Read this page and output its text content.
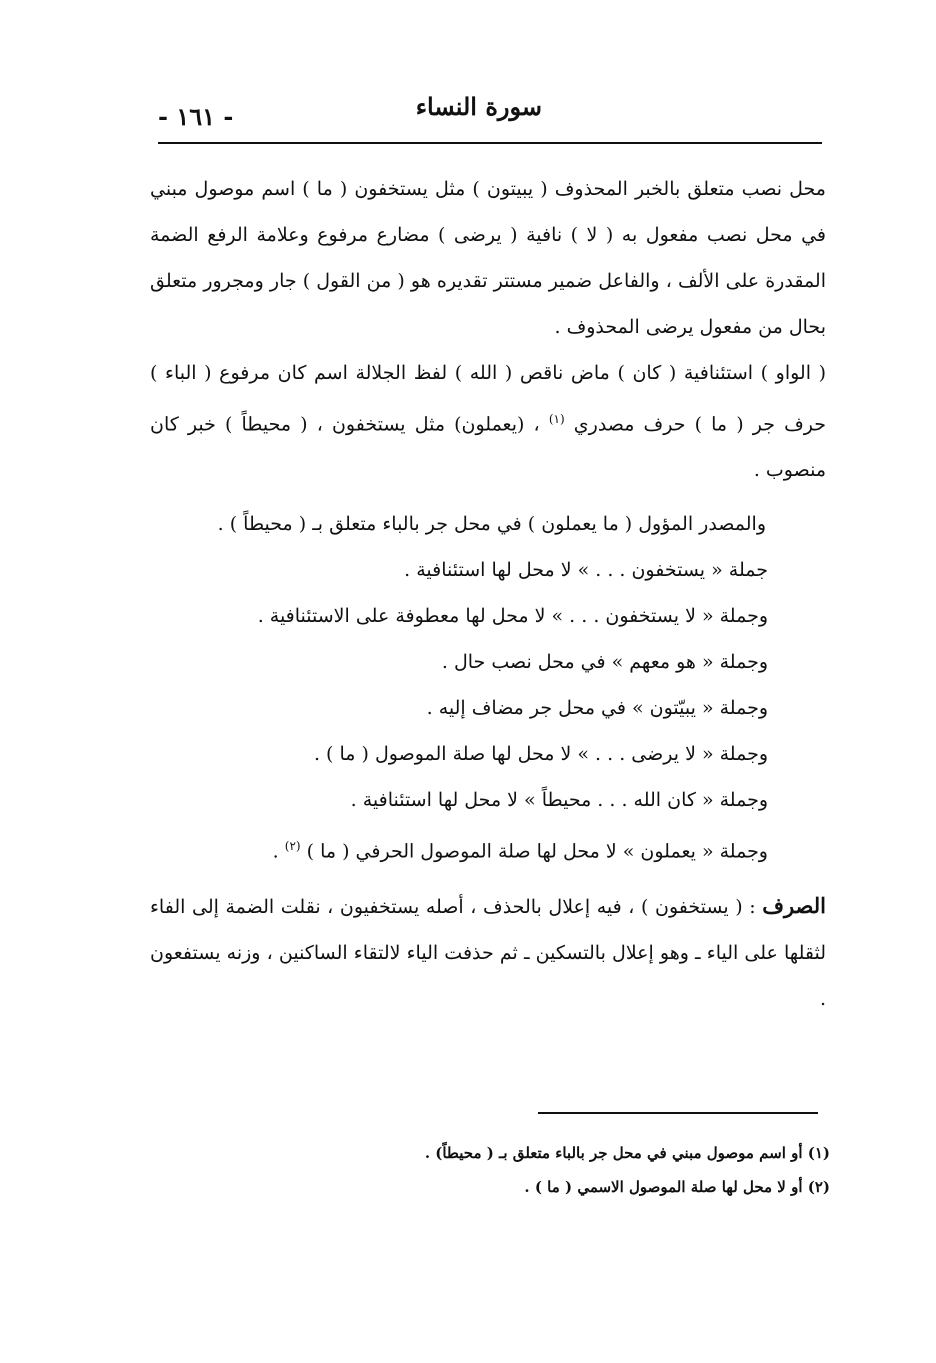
سورة النساء
- ١٦١ -

محل نصب متعلق بالخبر المحذوف ( يبيتون ) مثل يستخفون ( ما ) اسم موصول مبني في محل نصب مفعول به ( لا ) نافية ( يرضى ) مضارع مرفوع وعلامة الرفع الضمة المقدرة على الألف ، والفاعل ضمير مستتر تقديره هو ( من القول ) جار ومجرور متعلق بحال من مفعول يرضى المحذوف .

( الواو ) استئنافية ( كان ) ماض ناقص ( الله ) لفظ الجلالة اسم كان مرفوع ( الباء ) حرف جر ( ما ) حرف مصدري $^{(١)}$ ، (يعملون) مثل يستخفون ، ( محيطاً ) خبر كان منصوب .

والمصدر المؤول ( ما يعملون ) في محل جر بالباء متعلق بـ ( محيطاً ) .

جملة « يستخفون . . . » لا محل لها استئنافية .
وجملة « لا يستخفون . . . » لا محل لها معطوفة على الاستئنافية .
وجملة « هو معهم » في محل نصب حال .
وجملة « يبيّتون » في محل جر مضاف إليه .
وجملة « لا يرضى . . . » لا محل لها صلة الموصول ( ما ) .
وجملة « كان الله . . . محيطاً » لا محل لها استئنافية .
وجملة « يعملون » لا محل لها صلة الموصول الحرفي ( ما ) $^{(٢)}$ .

الصرف : ( يستخفون ) ، فيه إعلال بالحذف ، أصله يستخفيون ، نقلت الضمة إلى الفاء لثقلها على الياء ـ وهو إعلال بالتسكين ـ ثم حذفت الياء لالتقاء الساكنين ، وزنه يستفعون .

(١) أو اسم موصول مبني في محل جر بالباء متعلق بـ ( محيطاً) .

(٢) أو لا محل لها صلة الموصول الاسمي ( ما ) .
